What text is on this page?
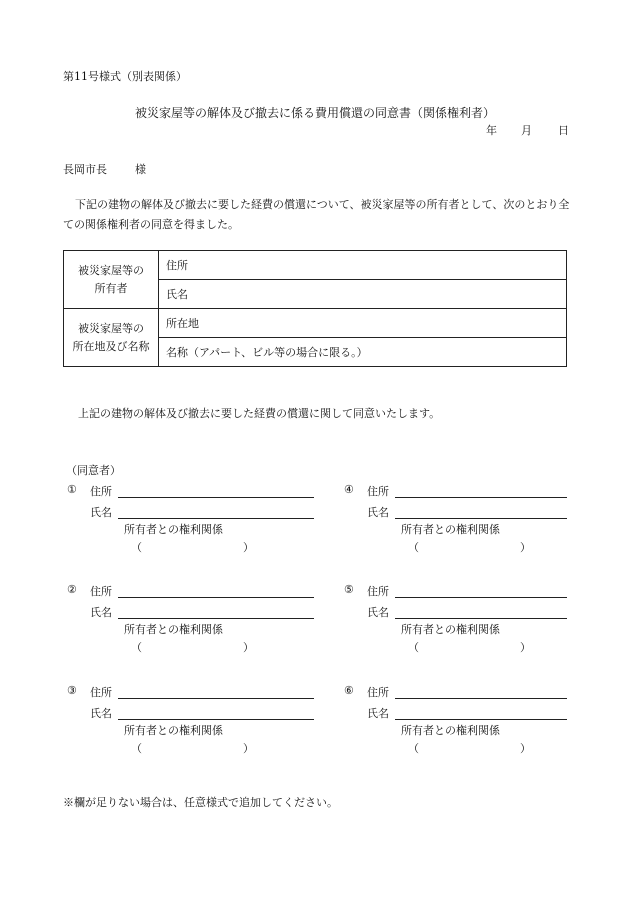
第11号様式（別表関係）
被災家屋等の解体及び撤去に係る費用償還の同意書（関係権利者）
年 月 日
長岡市長	様
下記の建物の解体及び撤去に要した経費の償還について、被災家屋等の所有者として、次のとおり全ての関係権利者の同意を得ました。
被災家屋等の
所有者	住所
	氏名

被災家屋等の
所在地及び名称	所在地
	名称（アパート、ビル等の場合に限る。）
上記の建物の解体及び撤去に要した経費の償還に関して同意いたします。
（同意者）
① 住所
氏名
所有者との権利関係
（	）
② 住所
氏名
所有者との権利関係
（	）
③ 住所
氏名
所有者との権利関係
（	）
④ 住所
氏名
所有者との権利関係
（	）
⑤ 住所
氏名
所有者との権利関係
（	）
⑥ 住所
氏名
所有者との権利関係
（	）
※欄が足りない場合は、任意様式で追加してください。
